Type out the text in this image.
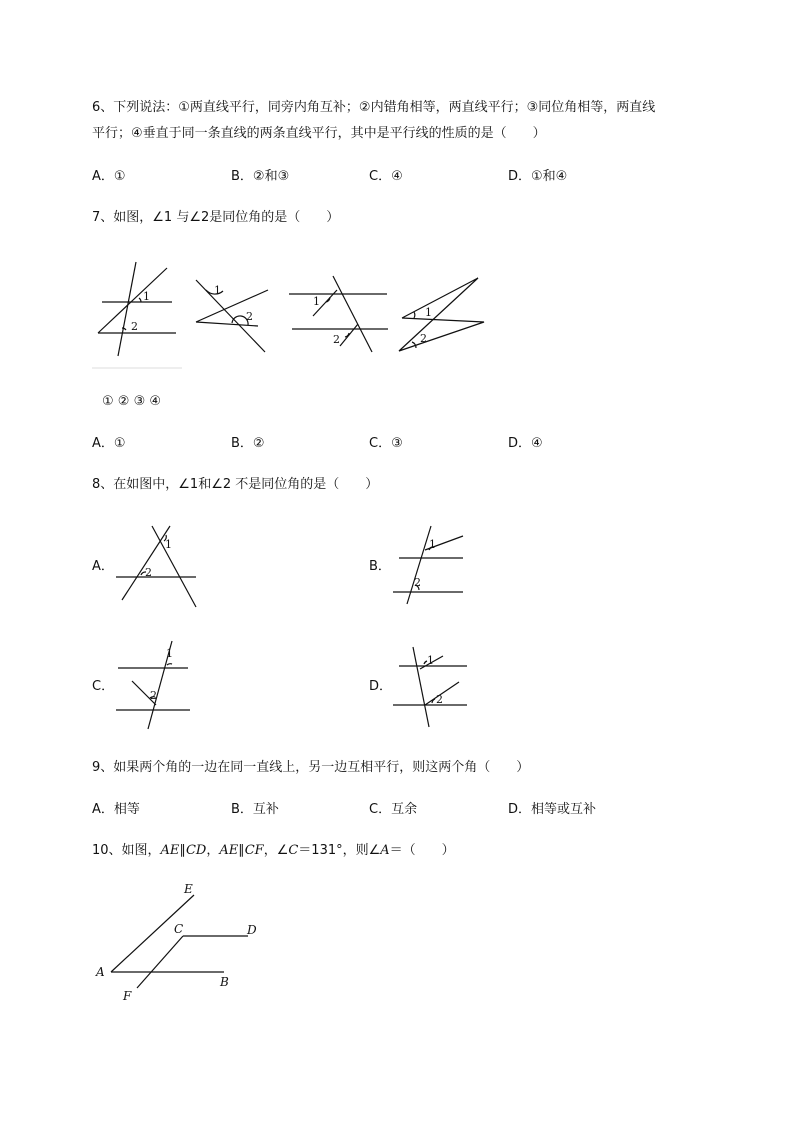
6、下列说法：①两直线平行，同旁内角互补；②内错角相等，两直线平行；③同位角相等，两直线
平行；④垂直于同一条直线的两条直线平行，其中是平行线的性质的是（　　）
A．①	B．②和③	C．④	D．①和④
7、如图，∠1 与∠2是同位角的是（　　）
1
2
1
2
1
2
1
2
① ② ③ ④
A．①	B．②	C．③	D．④
8、在如图中，∠1和∠2 不是同位角的是（　　）
A．
1
2	B．
1
2
C．
1
2
D．
1
2
9、如果两个角的一边在同一直线上，另一边互相平行，则这两个角（　　）
A．相等	B．互补	C．互余	D．相等或互补
10、如图，AE∥CD，AE∥CF，∠C＝131°，则∠A＝（　　）
E
C	D
A
F
B
